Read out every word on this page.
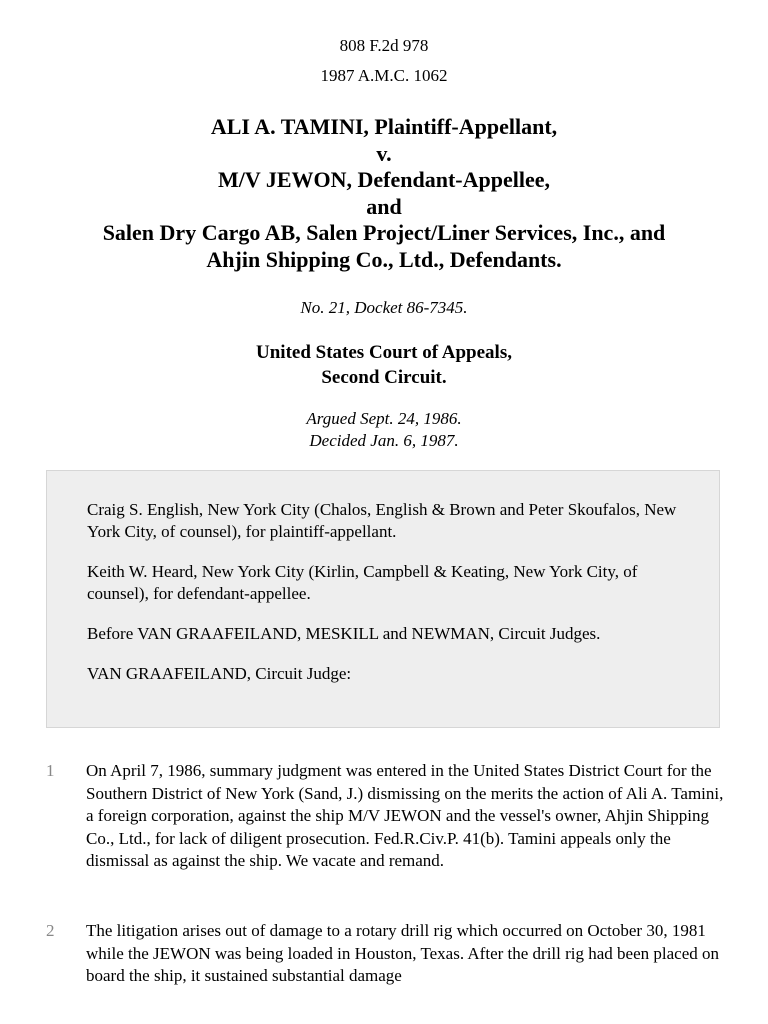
808 F.2d 978
1987 A.M.C. 1062
ALI A. TAMINI, Plaintiff-Appellant,
v.
M/V JEWON, Defendant-Appellee,
and
Salen Dry Cargo AB, Salen Project/Liner Services, Inc., and
Ahjin Shipping Co., Ltd., Defendants.
No. 21, Docket 86-7345.
United States Court of Appeals,
Second Circuit.
Argued Sept. 24, 1986.
Decided Jan. 6, 1987.

Craig S. English, New York City (Chalos, English & Brown and Peter Skoufalos, New York City, of counsel), for plaintiff-appellant.

Keith W. Heard, New York City (Kirlin, Campbell & Keating, New York City, of counsel), for defendant-appellee.

Before VAN GRAAFEILAND, MESKILL and NEWMAN, Circuit Judges.

VAN GRAAFEILAND, Circuit Judge:

1 On April 7, 1986, summary judgment was entered in the United States District Court for the Southern District of New York (Sand, J.) dismissing on the merits the action of Ali A. Tamini, a foreign corporation, against the ship M/V JEWON and the vessel's owner, Ahjin Shipping Co., Ltd., for lack of diligent prosecution. Fed.R.Civ.P. 41(b). Tamini appeals only the dismissal as against the ship. We vacate and remand.
2 The litigation arises out of damage to a rotary drill rig which occurred on October 30, 1981 while the JEWON was being loaded in Houston, Texas. After the drill rig had been placed on board the ship, it sustained substantial damage
